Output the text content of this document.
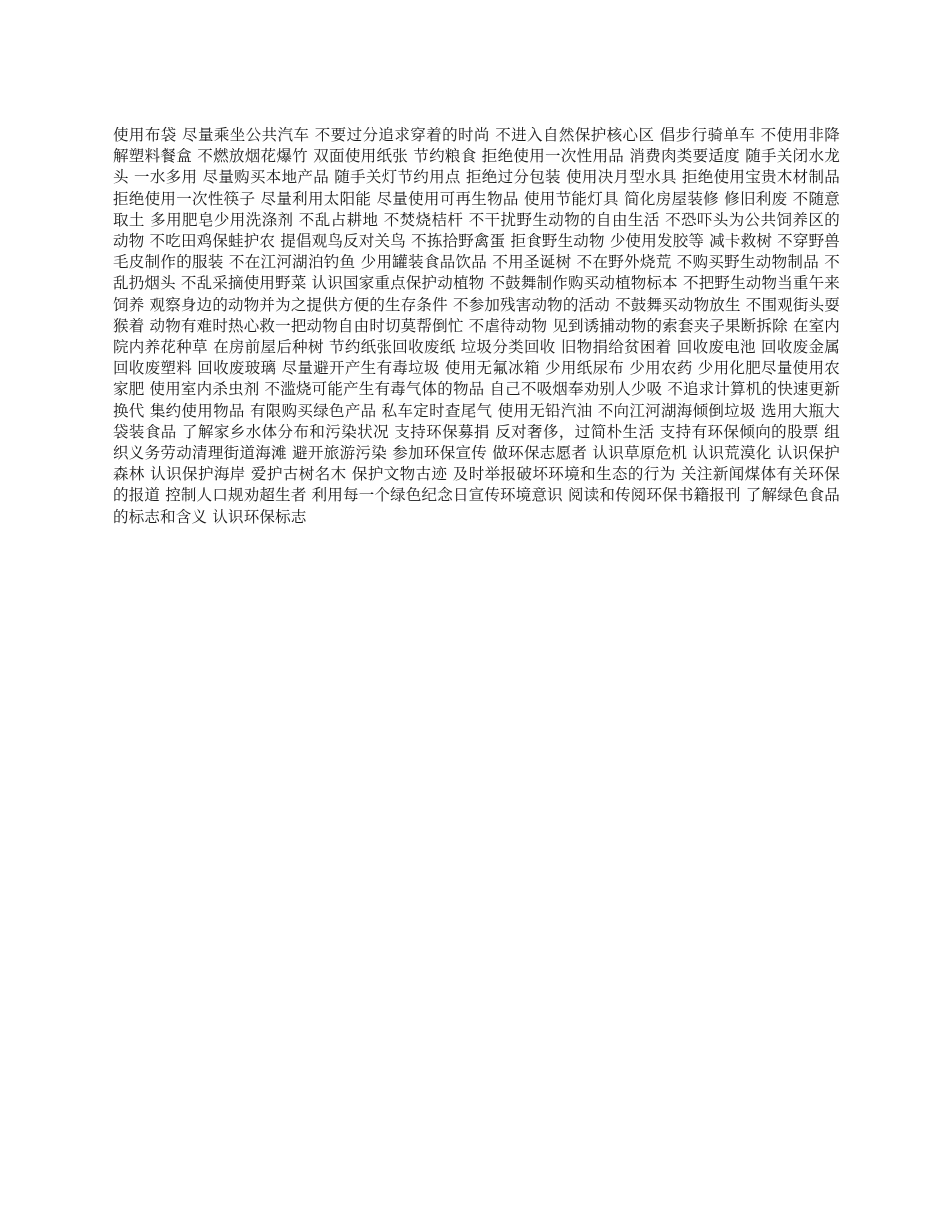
使用布袋 尽量乘坐公共汽车 不要过分追求穿着的时尚 不进入自然保护核心区 倡步行骑单车 不使用非降解塑料餐盒 不燃放烟花爆竹 双面使用纸张 节约粮食 拒绝使用一次性用品 消费肉类要适度 随手关闭水龙头 一水多用 尽量购买本地产品 随手关灯节约用点 拒绝过分包装 使用决月型水具 拒绝使用宝贵木材制品 拒绝使用一次性筷子 尽量利用太阳能 尽量使用可再生物品 使用节能灯具 简化房屋装修 修旧利废 不随意取土 多用肥皂少用洗涤剂 不乱占耕地 不焚烧桔杆 不干扰野生动物的自由生活 不恐吓头为公共饲养区的动物 不吃田鸡保蛙护农 提倡观鸟反对关鸟 不拣拾野禽蛋 拒食野生动物 少使用发胶等 减卡救树 不穿野兽毛皮制作的服装 不在江河湖泊钓鱼 少用罐装食品饮品 不用圣诞树 不在野外烧荒 不购买野生动物制品 不乱扔烟头 不乱采摘使用野菜 认识国家重点保护动植物 不鼓舞制作购买动植物标本 不把野生动物当重午来饲养 观察身边的动物并为之提供方便的生存条件 不参加残害动物的活动 不鼓舞买动物放生 不围观街头耍猴着 动物有难时热心救一把动物自由时切莫帮倒忙 不虐待动物 见到诱捕动物的索套夹子果断拆除 在室内院内养花种草 在房前屋后种树 节约纸张回收废纸 垃圾分类回收 旧物捐给贫困着 回收废电池 回收废金属 回收废塑料 回收废玻璃 尽量避开产生有毒垃圾 使用无氟冰箱 少用纸尿布 少用农药 少用化肥尽量使用农家肥 使用室内杀虫剂 不滥烧可能产生有毒气体的物品 自己不吸烟奉劝别人少吸 不追求计算机的快速更新换代 集约使用物品 有限购买绿色产品 私车定时查尾气 使用无铅汽油 不向江河湖海倾倒垃圾 选用大瓶大袋装食品 了解家乡水体分布和污染状况 支持环保募捐 反对奢侈，过简朴生活 支持有环保倾向的股票 组织义务劳动清理街道海滩 避开旅游污染 参加环保宣传 做环保志愿者 认识草原危机 认识荒漠化 认识保护森林 认识保护海岸 爱护古树名木 保护文物古迹 及时举报破坏环境和生态的行为 关注新闻煤体有关环保的报道 控制人口规劝超生者 利用每一个绿色纪念日宣传环境意识 阅读和传阅环保书籍报刊 了解绿色食品的标志和含义 认识环保标志
